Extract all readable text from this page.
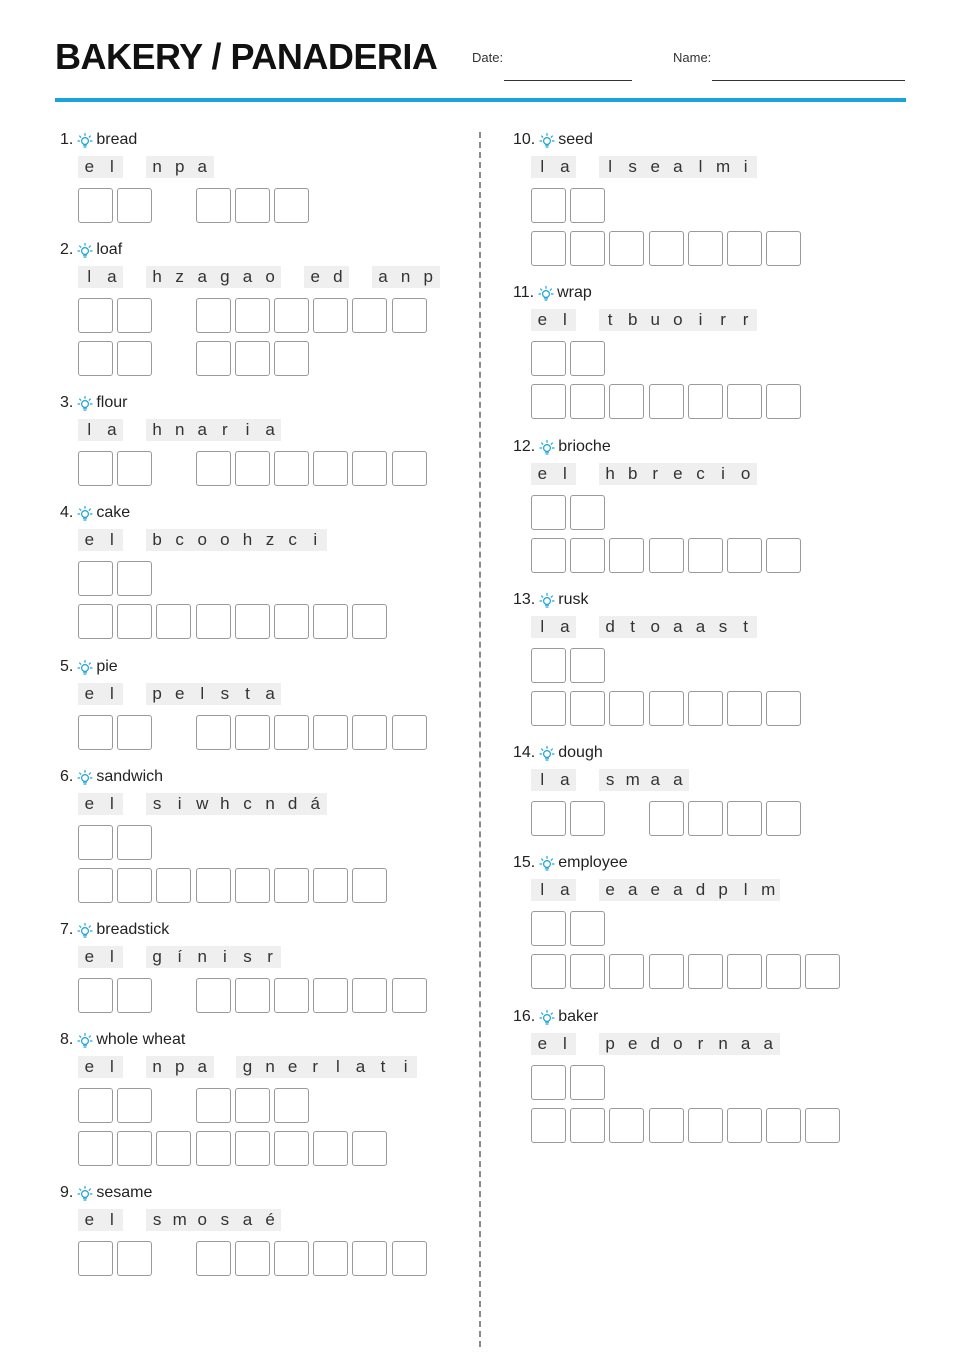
BAKERY / PANADERIA	Date:	Name:
1. bread
e l	n p a
2. loaf
l a	h z a g a o	e d	a n p
3. flour
l a	h n a r	i a
4. cake
e l	b c o o h z c i
5. pie
e l	p e l s t a
6. sandwich
e l	s i w h c n d á
7. breadstick
e l	g í n i s r
8. whole wheat
e l	n p a	g n e r	l a t	i
9. sesame
e l	s m o s a é
10. seed
l a	l s e a l m i
11. wrap
e l	t b u o i	r r
12. brioche
e l	h b r e c i o
13. rusk
l a	d t o a a s t
14. dough
l a	s m a a
15. employee
l a	e a e a d p l m
16. baker
e l	p e d o r n a a
